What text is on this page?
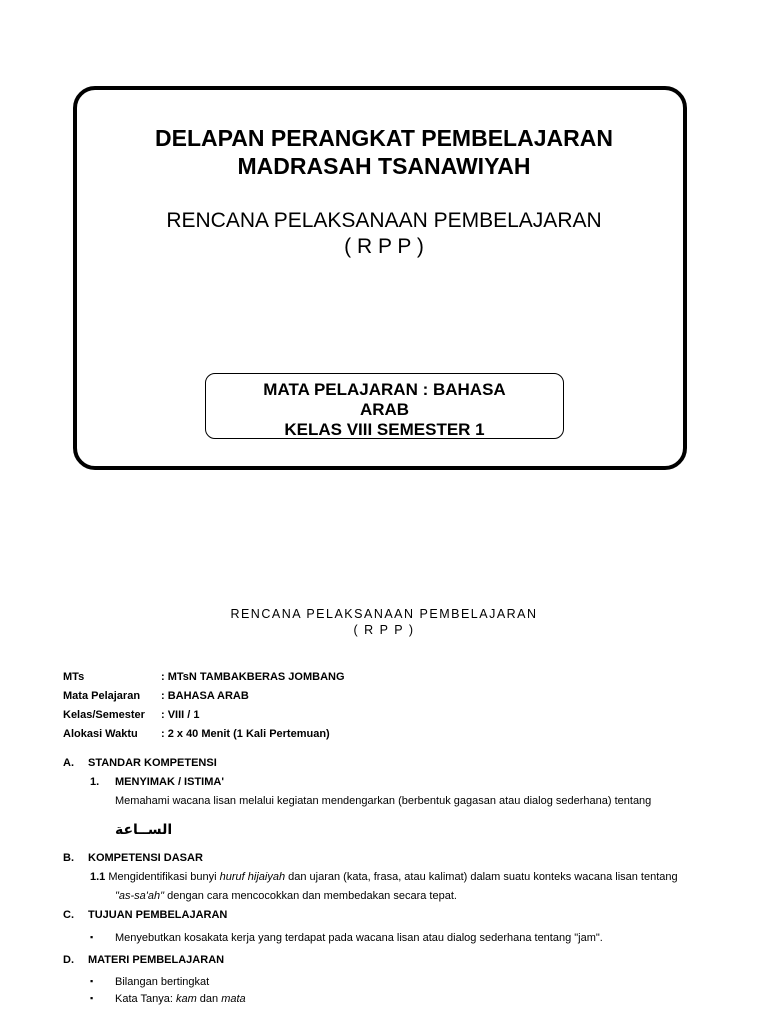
DELAPAN PERANGKAT PEMBELAJARAN
MADRASAH TSANAWIYAH
RENCANA PELAKSANAAN PEMBELAJARAN
( R P P )
MATA PELAJARAN : BAHASA
ARAB
KELAS VIII SEMESTER 1
RENCANA PELAKSANAAN PEMBELAJARAN
( R P P )
MTs	: MTsN TAMBAKBERAS JOMBANG
Mata Pelajaran	: BAHASA ARAB
Kelas/Semester	: VIII / 1
Alokasi Waktu	: 2 x 40 Menit (1 Kali Pertemuan)
A. STANDAR KOMPETENSI
1. MENYIMAK / ISTIMA'
Memahami wacana lisan melalui kegiatan mendengarkan (berbentuk gagasan atau dialog sederhana) tentang
الســاعة
B. KOMPETENSI DASAR
1.1 Mengidentifikasi bunyi huruf hijaiyah dan ujaran (kata, frasa, atau kalimat) dalam suatu konteks wacana lisan tentang
"as-sa'ah" dengan cara mencocokkan dan membedakan secara tepat.
C. TUJUAN PEMBELAJARAN
▪ Menyebutkan kosakata kerja yang terdapat pada wacana lisan atau dialog sederhana tentang "jam".
D. MATERI PEMBELAJARAN
▪ Bilangan bertingkat
▪ Kata Tanya: kam dan mata
